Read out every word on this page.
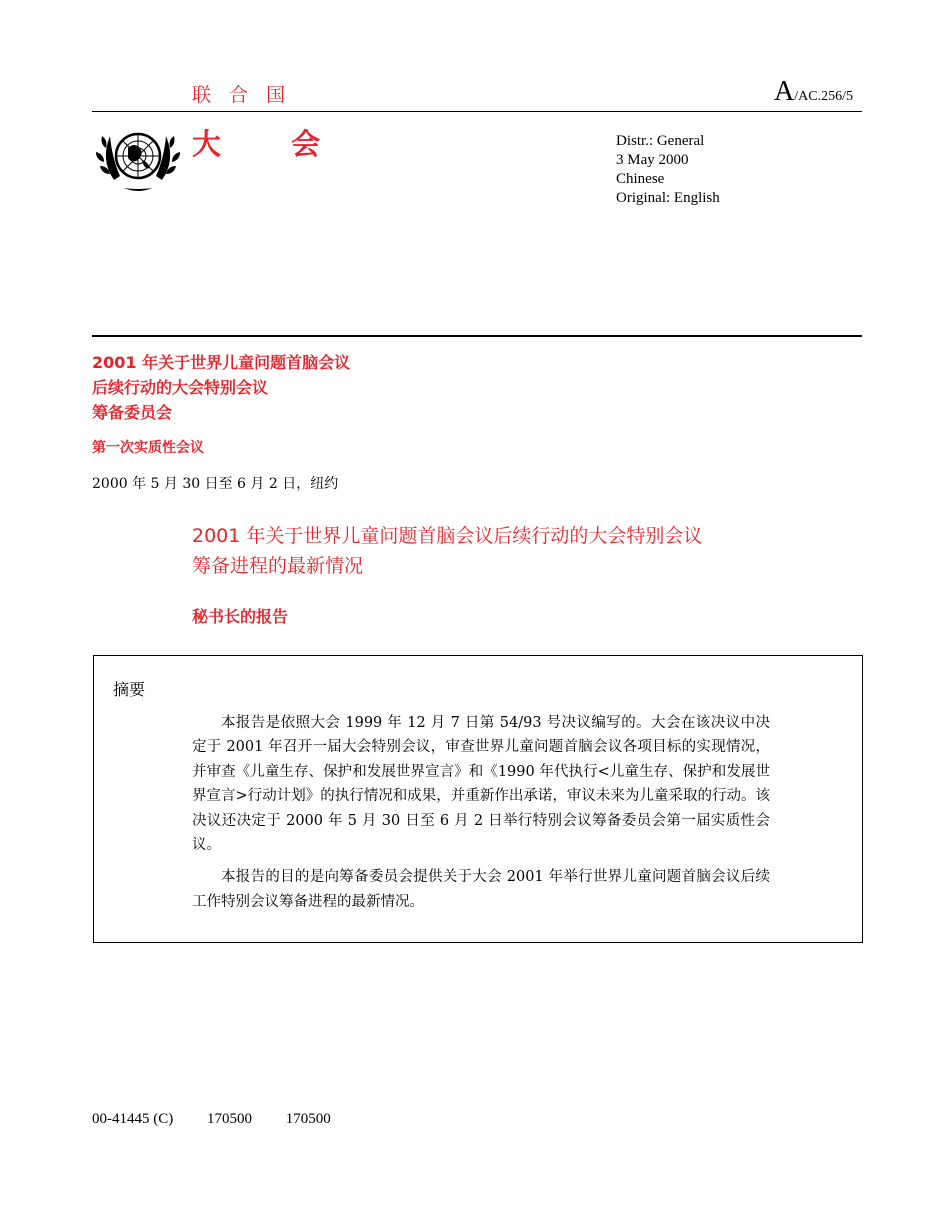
联 合 国	A/AC.256/5
大 会	Distr.: General
3 May 2000
Chinese
Original: English
2001 年关于世界儿童问题首脑会议
后续行动的大会特别会议
筹备委员会
第一次实质性会议
2000 年 5 月 30 日至 6 月 2 日，纽约
2001 年关于世界儿童问题首脑会议后续行动的大会特别会议
筹备进程的最新情况
秘书长的报告
摘要

本报告是依照大会 1999 年 12 月 7 日第 54/93 号决议编写的。大会在该决议中决定于 2001 年召开一届大会特别会议，审查世界儿童问题首脑会议各项目标的实现情况，并审查《儿童生存、保护和发展世界宣言》和《1990 年代执行<儿童生存、保护和发展世界宣言>行动计划》的执行情况和成果，并重新作出承诺，审议未来为儿童采取的行动。该决议还决定于 2000 年 5 月 30 日至 6 月 2 日举行特别会议筹备委员会第一届实质性会议。

本报告的目的是向筹备委员会提供关于大会 2001 年举行世界儿童问题首脑会议后续工作特别会议筹备进程的最新情况。

00-41445 (C) 170500 170500
